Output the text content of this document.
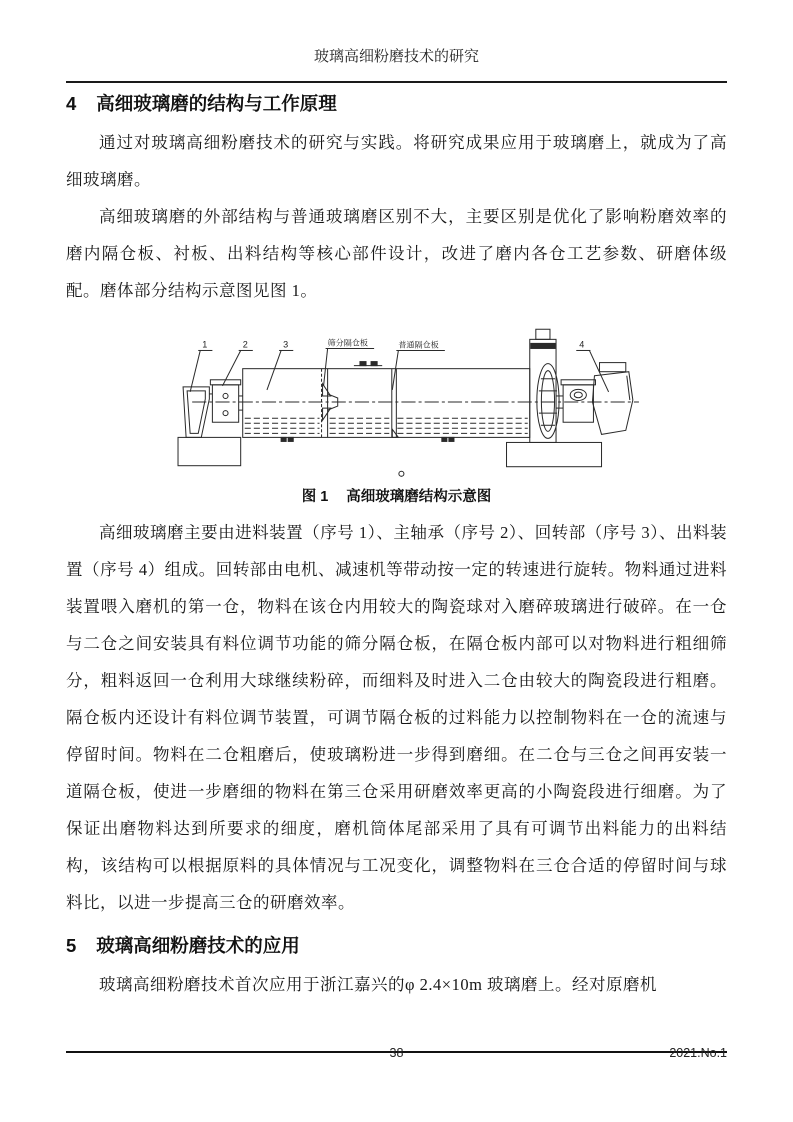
玻璃高细粉磨技术的研究
4 高细玻璃磨的结构与工作原理

通过对玻璃高细粉磨技术的研究与实践。将研究成果应用于玻璃磨上，就成为了高细玻璃磨。

高细玻璃磨的外部结构与普通玻璃磨区别不大，主要区别是优化了影响粉磨效率的磨内隔仓板、衬板、出料结构等核心部件设计，改进了磨内各仓工艺参数、研磨体级配。磨体部分结构示意图见图 1。

1	2	3	4
筛分隔仓板	普通隔仓板
图 1 高细玻璃磨结构示意图

高细玻璃磨主要由进料装置（序号 1）、主轴承（序号 2）、回转部（序号 3）、出料装置（序号 4）组成。回转部由电机、减速机等带动按一定的转速进行旋转。物料通过进料装置喂入磨机的第一仓，物料在该仓内用较大的陶瓷球对入磨碎玻璃进行破碎。在一仓与二仓之间安装具有料位调节功能的筛分隔仓板，在隔仓板内部可以对物料进行粗细筛分，粗料返回一仓利用大球继续粉碎，而细料及时进入二仓由较大的陶瓷段进行粗磨。隔仓板内还设计有料位调节装置，可调节隔仓板的过料能力以控制物料在一仓的流速与停留时间。物料在二仓粗磨后，使玻璃粉进一步得到磨细。在二仓与三仓之间再安装一道隔仓板，使进一步磨细的物料在第三仓采用研磨效率更高的小陶瓷段进行细磨。为了保证出磨物料达到所要求的细度，磨机筒体尾部采用了具有可调节出料能力的出料结构，该结构可以根据原料的具体情况与工况变化，调整物料在三仓合适的停留时间与球料比，以进一步提高三仓的研磨效率。

5 玻璃高细粉磨技术的应用

玻璃高细粉磨技术首次应用于浙江嘉兴的φ 2.4×10m 玻璃磨上。经对原磨机

38	2021.No.1
